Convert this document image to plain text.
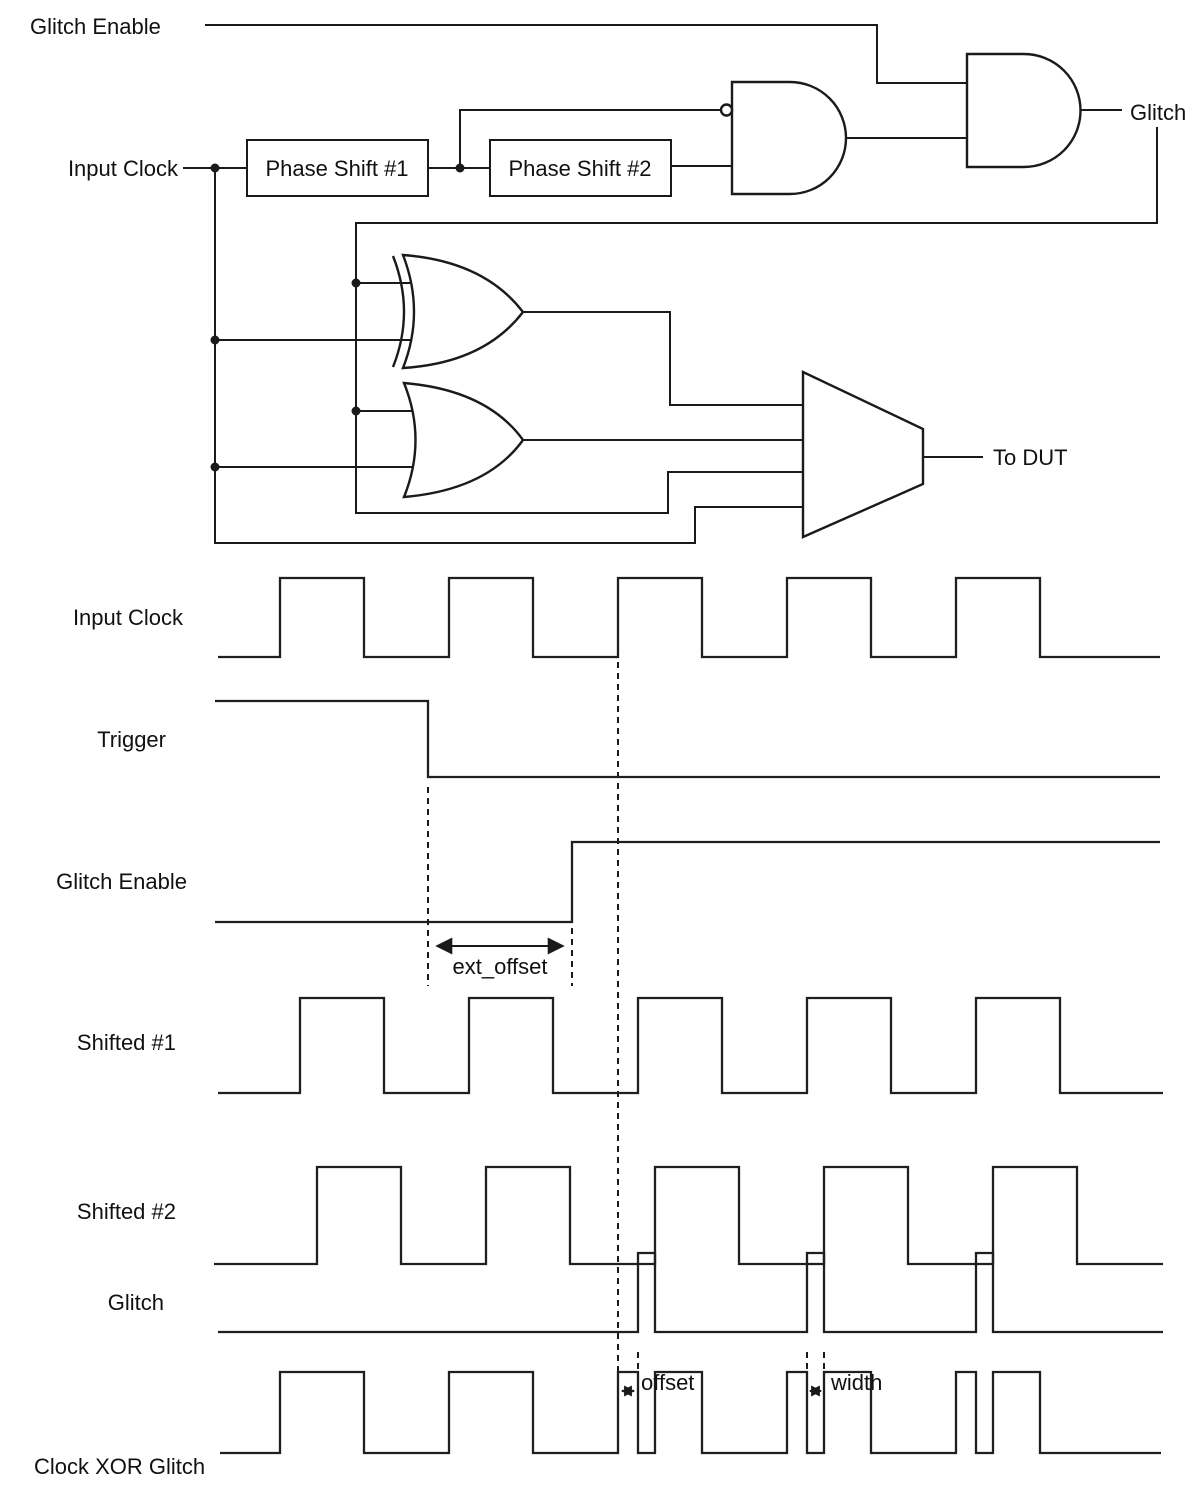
Phase Shift #1	Phase Shift #2
Glitch Enable
Input Clock
Glitch
To DUT
Input Clock
Trigger
Glitch Enable
Shifted #1
Shifted #2
Glitch
Clock XOR Glitch
ext_offset
offset	width
